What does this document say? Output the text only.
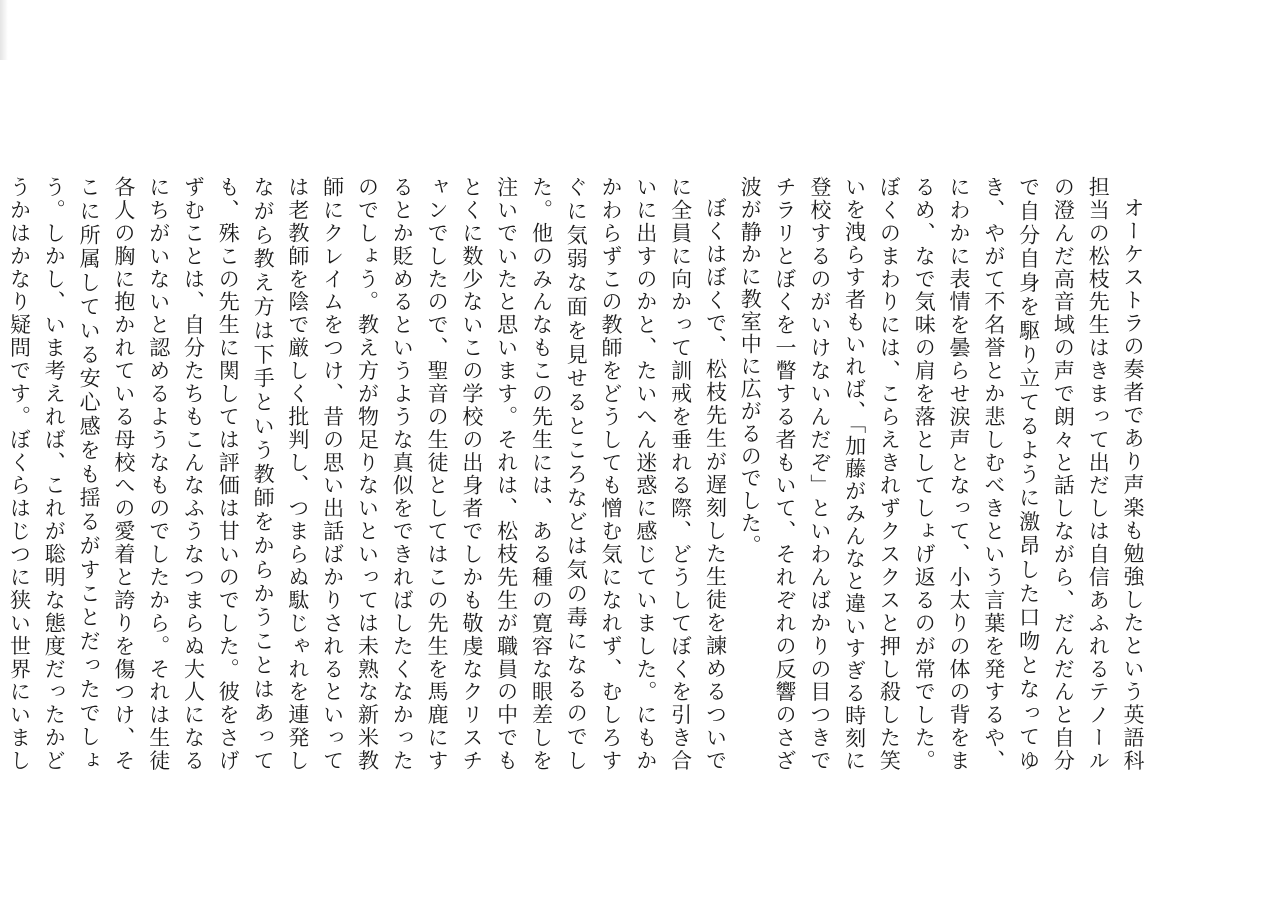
オーケストラの奏者であり声楽も勉強したという英語科担当の松枝先生はきまって出だしは自信あふれるテノールの澄んだ高音域の声で朗々と話しながら、だんだんと自分で自分自身を駆り立てるように激昂した口吻となってゆき、やがて不名誉とか悲しむべきという言葉を発するや、にわかに表情を曇らせ涙声となって、小太りの体の背をまるめ、なで気味の肩を落としてしょげ返るのが常でした。ぼくのまわりには、こらえきれずクスクスと押し殺した笑いを洩らす者もいれば、「加藤がみんなと違いすぎる時刻に登校するのがいけないんだぞ」といわんばかりの目つきでチラリとぼくを一瞥する者もいて、それぞれの反響のさざ波が静かに教室中に広がるのでした。

ぼくはぼくで、松枝先生が遅刻した生徒を諫めるついでに全員に向かって訓戒を垂れる際、どうしてぼくを引き合いに出すのかと、たいへん迷惑に感じていました。にもかかわらずこの教師をどうしても憎む気になれず、むしろすぐに気弱な面を見せるところなどは気の毒になるのでした。他のみんなもこの先生には、ある種の寛容な眼差しを注いでいたと思います。それは、松枝先生が職員の中でもとくに数少ないこの学校の出身者でしかも敬虔なクリスチャンでしたので、聖音の生徒としてはこの先生を馬鹿にするとか貶めるというような真似をできればしたくなかったのでしょう。教え方が物足りないといっては未熟な新米教師にクレイムをつけ、昔の思い出話ばかりされるといっては老教師を陰で厳しく批判し、つまらぬ駄じゃれを連発しながら教え方は下手という教師をからかうことはあっても、殊この先生に関しては評価は甘いのでした。彼をさげずむことは、自分たちもこんなふうなつまらぬ大人になるにちがいないと認めるようなものでしたから。それは生徒各人の胸に抱かれている母校への愛着と誇りを傷つけ、そこに所属している安心感をも揺るがすことだったでしょう。しかし、いま考えれば、これが聡明な態度だったかどうかはかなり疑問です。ぼくらはじつに狭い世界にいまし
